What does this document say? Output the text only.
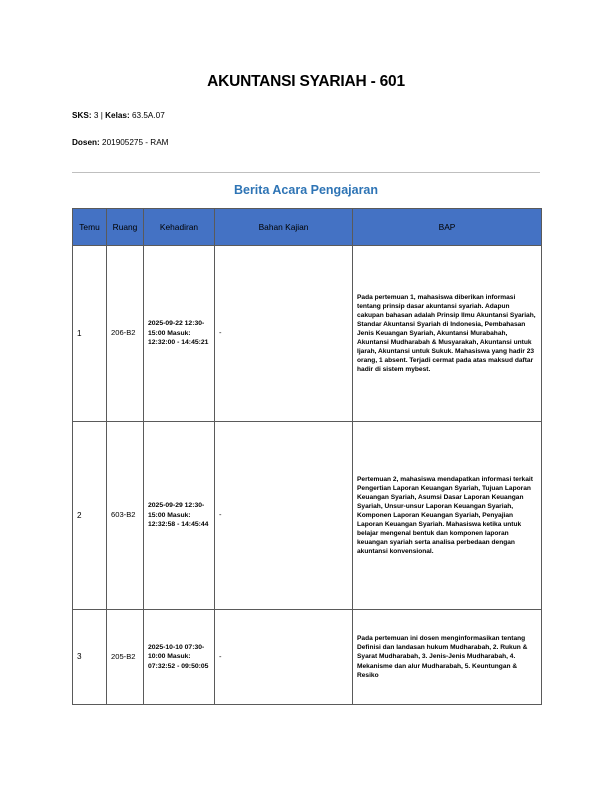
AKUNTANSI SYARIAH - 601
SKS: 3 | Kelas: 63.5A.07
Dosen: 201905275 - RAM
Berita Acara Pengajaran
Temu	Ruang	Kehadiran	Bahan Kajian	BAP
1	206-B2	2025-09-22 12:30-15:00 Masuk: 12:32:00 - 14:45:21	-	Pada pertemuan 1, mahasiswa diberikan informasi tentang prinsip dasar akuntansi syariah. Adapun cakupan bahasan adalah Prinsip Ilmu Akuntansi Syariah, Standar Akuntansi Syariah di Indonesia, Pembahasan Jenis Keuangan Syariah, Akuntansi Murabahah, Akuntansi Mudharabah & Musyarakah, Akuntansi untuk Ijarah, Akuntansi untuk Sukuk. Mahasiswa yang hadir 23 orang, 1 absent. Terjadi cermat pada atas maksud daftar hadir di sistem mybest.
2	603-B2	2025-09-29 12:30-15:00 Masuk: 12:32:58 - 14:45:44	-	Pertemuan 2, mahasiswa mendapatkan informasi terkait Pengertian Laporan Keuangan Syariah, Tujuan Laporan Keuangan Syariah, Asumsi Dasar Laporan Keuangan Syariah, Unsur-unsur Laporan Keuangan Syariah, Komponen Laporan Keuangan Syariah, Penyajian Laporan Keuangan Syariah. Mahasiswa ketika untuk belajar mengenal bentuk dan komponen laporan keuangan syariah serta analisa perbedaan dengan akuntansi konvensional.
3	205-B2	2025-10-10 07:30-10:00 Masuk: 07:32:52 - 09:50:05	-	Pada pertemuan ini dosen menginformasikan tentang Definisi dan landasan hukum Mudharabah, 2. Rukun & Syarat Mudharabah, 3. Jenis-Jenis Mudharabah, 4. Mekanisme dan alur Mudharabah, 5. Keuntungan & Resiko
